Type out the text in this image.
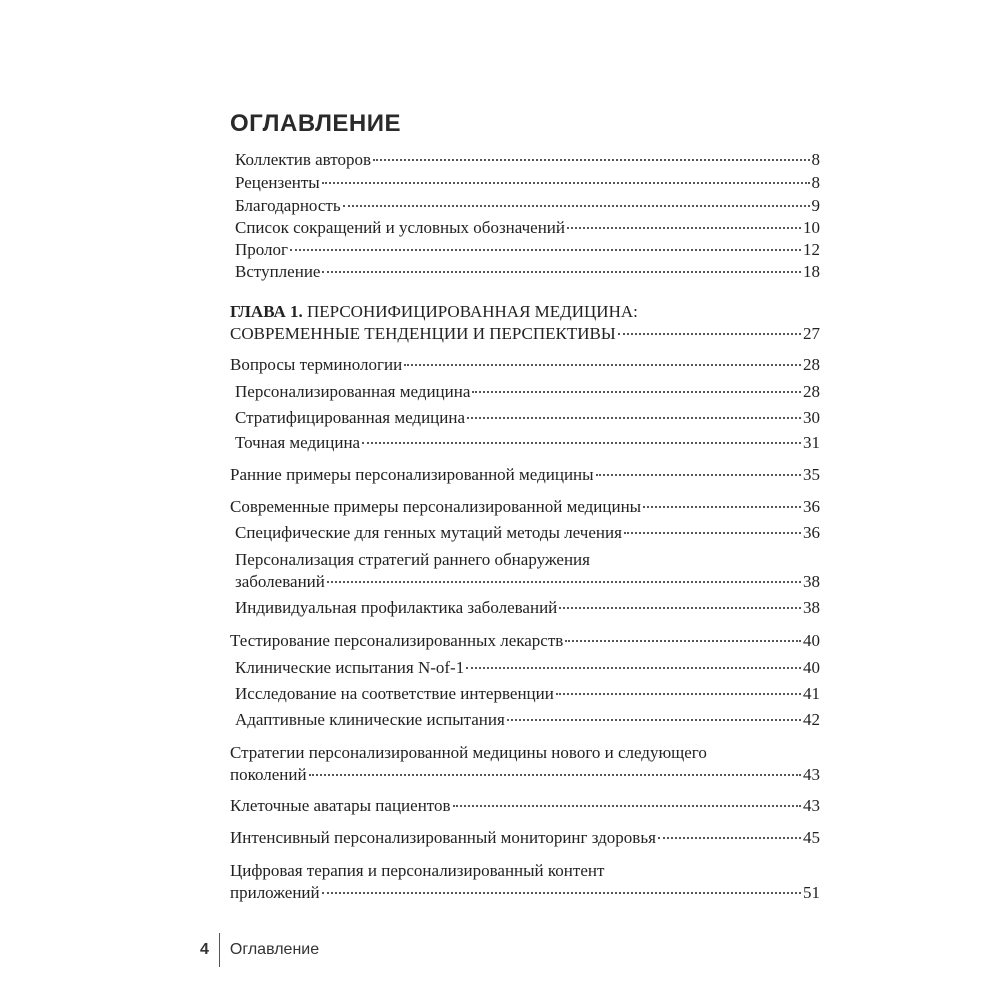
ОГЛАВЛЕНИЕ
Коллектив авторов	8
Рецензенты	8
Благодарность	9
Список сокращений и условных обозначений	10
Пролог	12
Вступление	18
ГЛАВА 1. ПЕРСОНИФИЦИРОВАННАЯ МЕДИЦИНА:
СОВРЕМЕННЫЕ ТЕНДЕНЦИИ И ПЕРСПЕКТИВЫ	27
Вопросы терминологии	28
Персонализированная медицина	28
Стратифицированная медицина	30
Точная медицина	31
Ранние примеры персонализированной медицины	35
Современные примеры персонализированной медицины	36
Специфические для генных мутаций методы лечения	36
Персонализация стратегий раннего обнаружения
заболеваний	38
Индивидуальная профилактика заболеваний	38
Тестирование персонализированных лекарств	40
Клинические испытания N-of-1	40
Исследование на соответствие интервенции	41
Адаптивные клинические испытания	42
Стратегии персонализированной медицины нового и следующего
поколений	43
Клеточные аватары пациентов	43
Интенсивный персонализированный мониторинг здоровья	45
Цифровая терапия и персонализированный контент
приложений	51
4 Оглавление
